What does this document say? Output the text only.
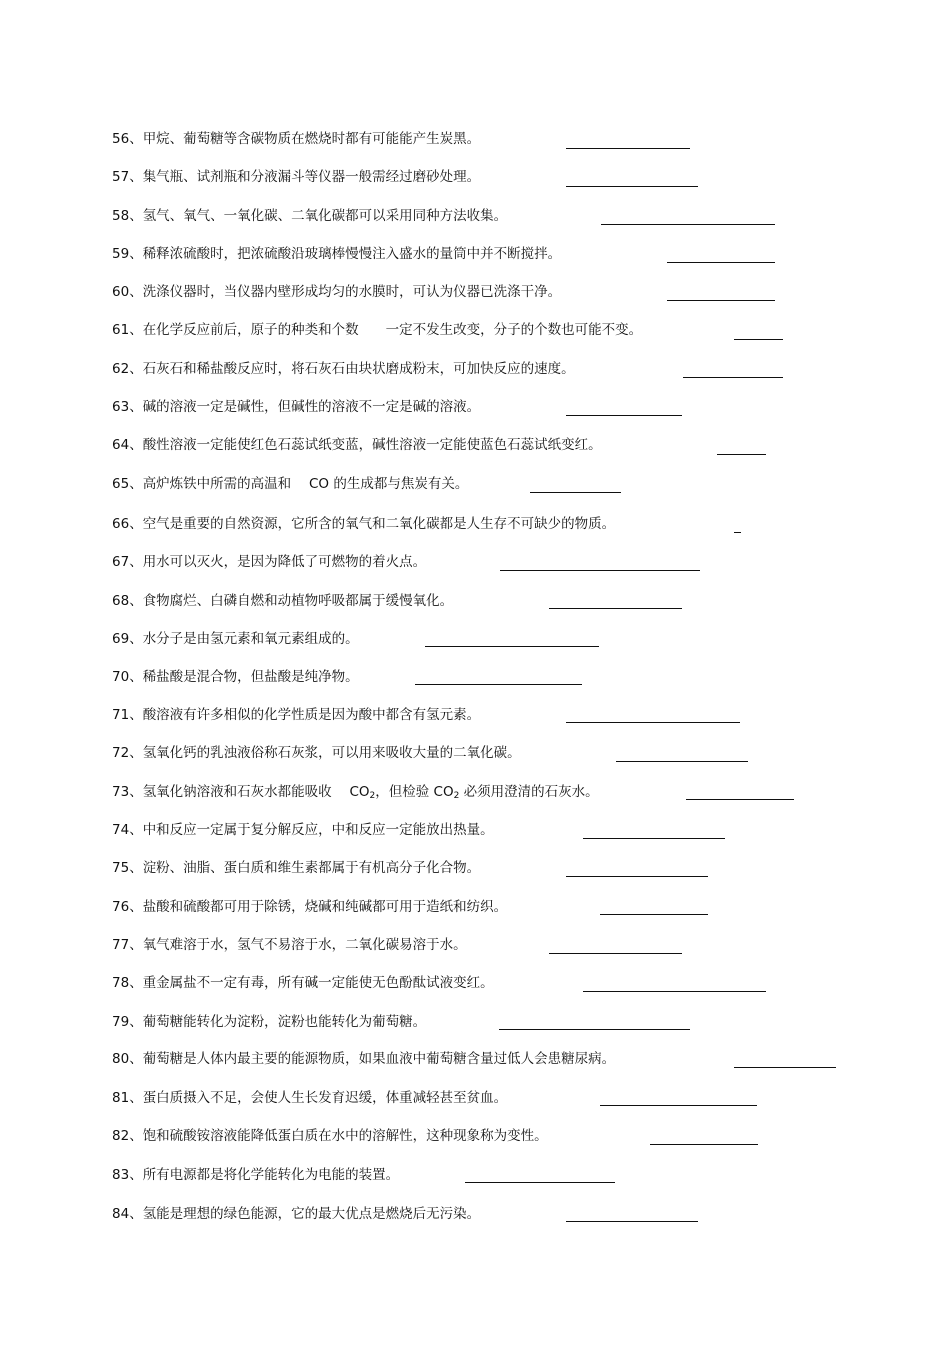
56、甲烷、葡萄糖等含碳物质在燃烧时都有可能能产生炭黑。
57、集气瓶、试剂瓶和分液漏斗等仪器一般需经过磨砂处理。
58、氢气、氧气、一氧化碳、二氧化碳都可以采用同种方法收集。
59、稀释浓硫酸时，把浓硫酸沿玻璃棒慢慢注入盛水的量筒中并不断搅拌。
60、洗涤仪器时，当仪器内壁形成均匀的水膜时，可认为仪器已洗涤干净。
61、在化学反应前后，原子的种类和个数　　一定不发生改变，分子的个数也可能不变。
62、石灰石和稀盐酸反应时，将石灰石由块状磨成粉末，可加快反应的速度。
63、碱的溶液一定是碱性，但碱性的溶液不一定是碱的溶液。
64、酸性溶液一定能使红色石蕊试纸变蓝，碱性溶液一定能使蓝色石蕊试纸变红。
65、高炉炼铁中所需的高温和　 CO 的生成都与焦炭有关。
66、空气是重要的自然资源，它所含的氧气和二氧化碳都是人生存不可缺少的物质。
67、用水可以灭火，是因为降低了可燃物的着火点。
68、食物腐烂、白磷自燃和动植物呼吸都属于缓慢氧化。
69、水分子是由氢元素和氧元素组成的。
70、稀盐酸是混合物，但盐酸是纯净物。
71、酸溶液有许多相似的化学性质是因为酸中都含有氢元素。
72、氢氧化钙的乳浊液俗称石灰浆，可以用来吸收大量的二氧化碳。
73、氢氧化钠溶液和石灰水都能吸收　 $CO_2$，但检验 $CO_2$ 必须用澄清的石灰水。
74、中和反应一定属于复分解反应，中和反应一定能放出热量。
75、淀粉、油脂、蛋白质和维生素都属于有机高分子化合物。
76、盐酸和硫酸都可用于除锈，烧碱和纯碱都可用于造纸和纺织。
77、氧气难溶于水，氢气不易溶于水，二氧化碳易溶于水。
78、重金属盐不一定有毒，所有碱一定能使无色酚酞试液变红。
79、葡萄糖能转化为淀粉，淀粉也能转化为葡萄糖。
80、葡萄糖是人体内最主要的能源物质，如果血液中葡萄糖含量过低人会患糖尿病。
81、蛋白质摄入不足，会使人生长发育迟缓，体重减轻甚至贫血。
82、饱和硫酸铵溶液能降低蛋白质在水中的溶解性，这种现象称为变性。
83、所有电源都是将化学能转化为电能的装置。
84、氢能是理想的绿色能源，它的最大优点是燃烧后无污染。
